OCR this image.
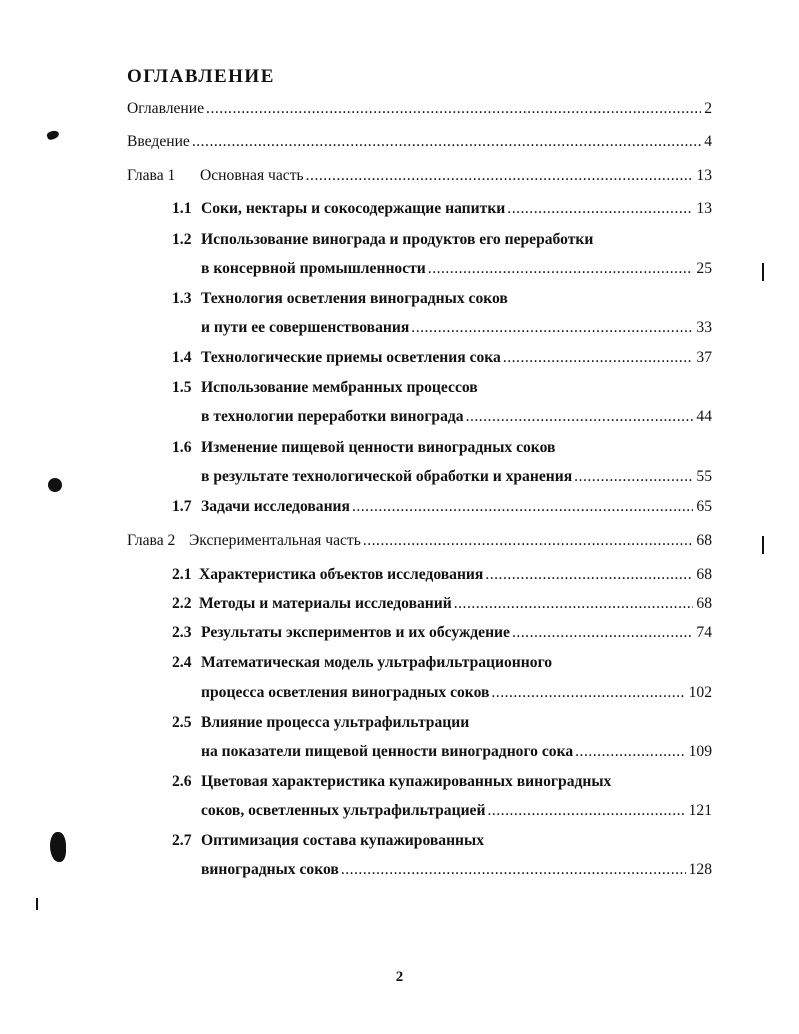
ОГЛАВЛЕНИЕ
Оглавление .....	2
Введение .....	4
Глава 1	Основная часть .....	13
1.1 Соки, нектары и сокосодержащие напитки .....	13
1.2 Использование винограда и продуктов его переработки
в консервной промышленности .....	25
1.3 Технология осветления виноградных соков
и пути ее совершенствования .....	33
1.4 Технологические приемы осветления сока .....	37
1.5 Использование мембранных процессов
в технологии переработки винограда .....	44
1.6 Изменение пищевой ценности виноградных соков
в результате технологической обработки и хранения .....	55
1.7 Задачи исследования .....	65
Глава 2 Экспериментальная часть .....	68
2.1 Характеристика объектов исследования .....	68
2.2 Методы и материалы исследований .....	68
2.3 Результаты экспериментов и их обсуждение .....	74
2.4 Математическая модель ультрафильтрационного
процесса осветления виноградных соков .....	102
2.5 Влияние процесса ультрафильтрации
на показатели пищевой ценности виноградного сока .....	109
2.6 Цветовая характеристика купажированных виноградных
соков, осветленных ультрафильтрацией .....	121
2.7 Оптимизация состава купажированных
виноградных соков .....	128
2
